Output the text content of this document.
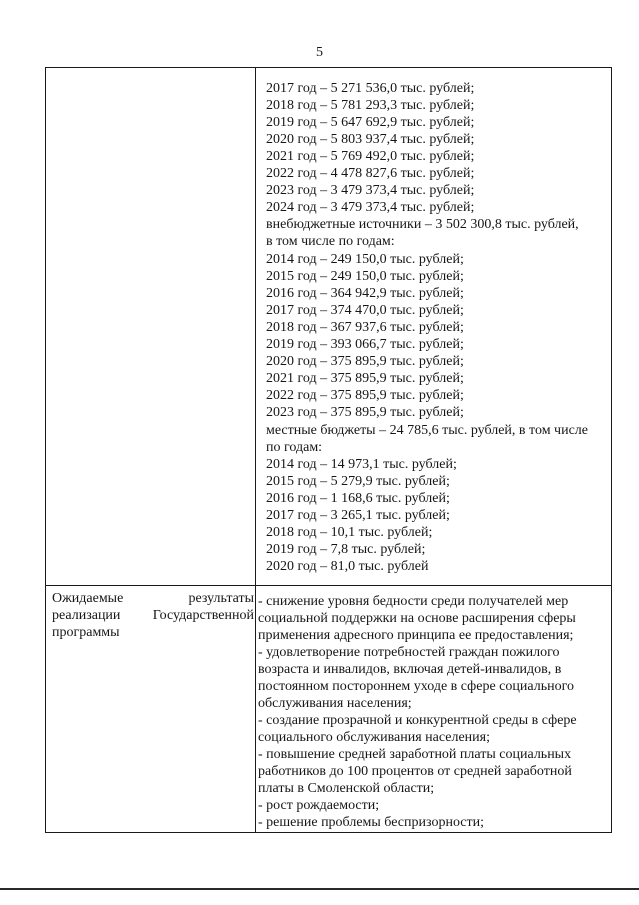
5
2017 год – 5 271 536,0 тыс. рублей;
2018 год – 5 781 293,3 тыс. рублей;
2019 год – 5 647 692,9 тыс. рублей;
2020 год – 5 803 937,4 тыс. рублей;
2021 год – 5 769 492,0 тыс. рублей;
2022 год – 4 478 827,6 тыс. рублей;
2023 год – 3 479 373,4 тыс. рублей;
2024 год – 3 479 373,4 тыс. рублей;
внебюджетные источники – 3 502 300,8 тыс. рублей,
в том числе по годам:
2014 год – 249 150,0 тыс. рублей;
2015 год – 249 150,0 тыс. рублей;
2016 год – 364 942,9 тыс. рублей;
2017 год – 374 470,0 тыс. рублей;
2018 год – 367 937,6 тыс. рублей;
2019 год – 393 066,7 тыс. рублей;
2020 год – 375 895,9 тыс. рублей;
2021 год – 375 895,9 тыс. рублей;
2022 год – 375 895,9 тыс. рублей;
2023 год – 375 895,9 тыс. рублей;
местные бюджеты – 24 785,6 тыс. рублей, в том числе
по годам:
2014 год – 14 973,1 тыс. рублей;
2015 год – 5 279,9 тыс. рублей;
2016 год – 1 168,6 тыс. рублей;
2017 год – 3 265,1 тыс. рублей;
2018 год – 10,1 тыс. рублей;
2019 год – 7,8 тыс. рублей;
2020 год – 81,0 тыс. рублей
Ожидаемые	результаты
реализации Государственной
программы
- снижение уровня бедности среди получателей мер
социальной поддержки на основе расширения сферы
применения адресного принципа ее предоставления;
- удовлетворение потребностей граждан пожилого
возраста и инвалидов, включая детей-инвалидов, в
постоянном постороннем уходе в сфере социального
обслуживания населения;
- создание прозрачной и конкурентной среды в сфере
социального обслуживания населения;
- повышение средней заработной платы социальных
работников до 100 процентов от средней заработной
платы в Смоленской области;
- рост рождаемости;
- решение проблемы беспризорности;
